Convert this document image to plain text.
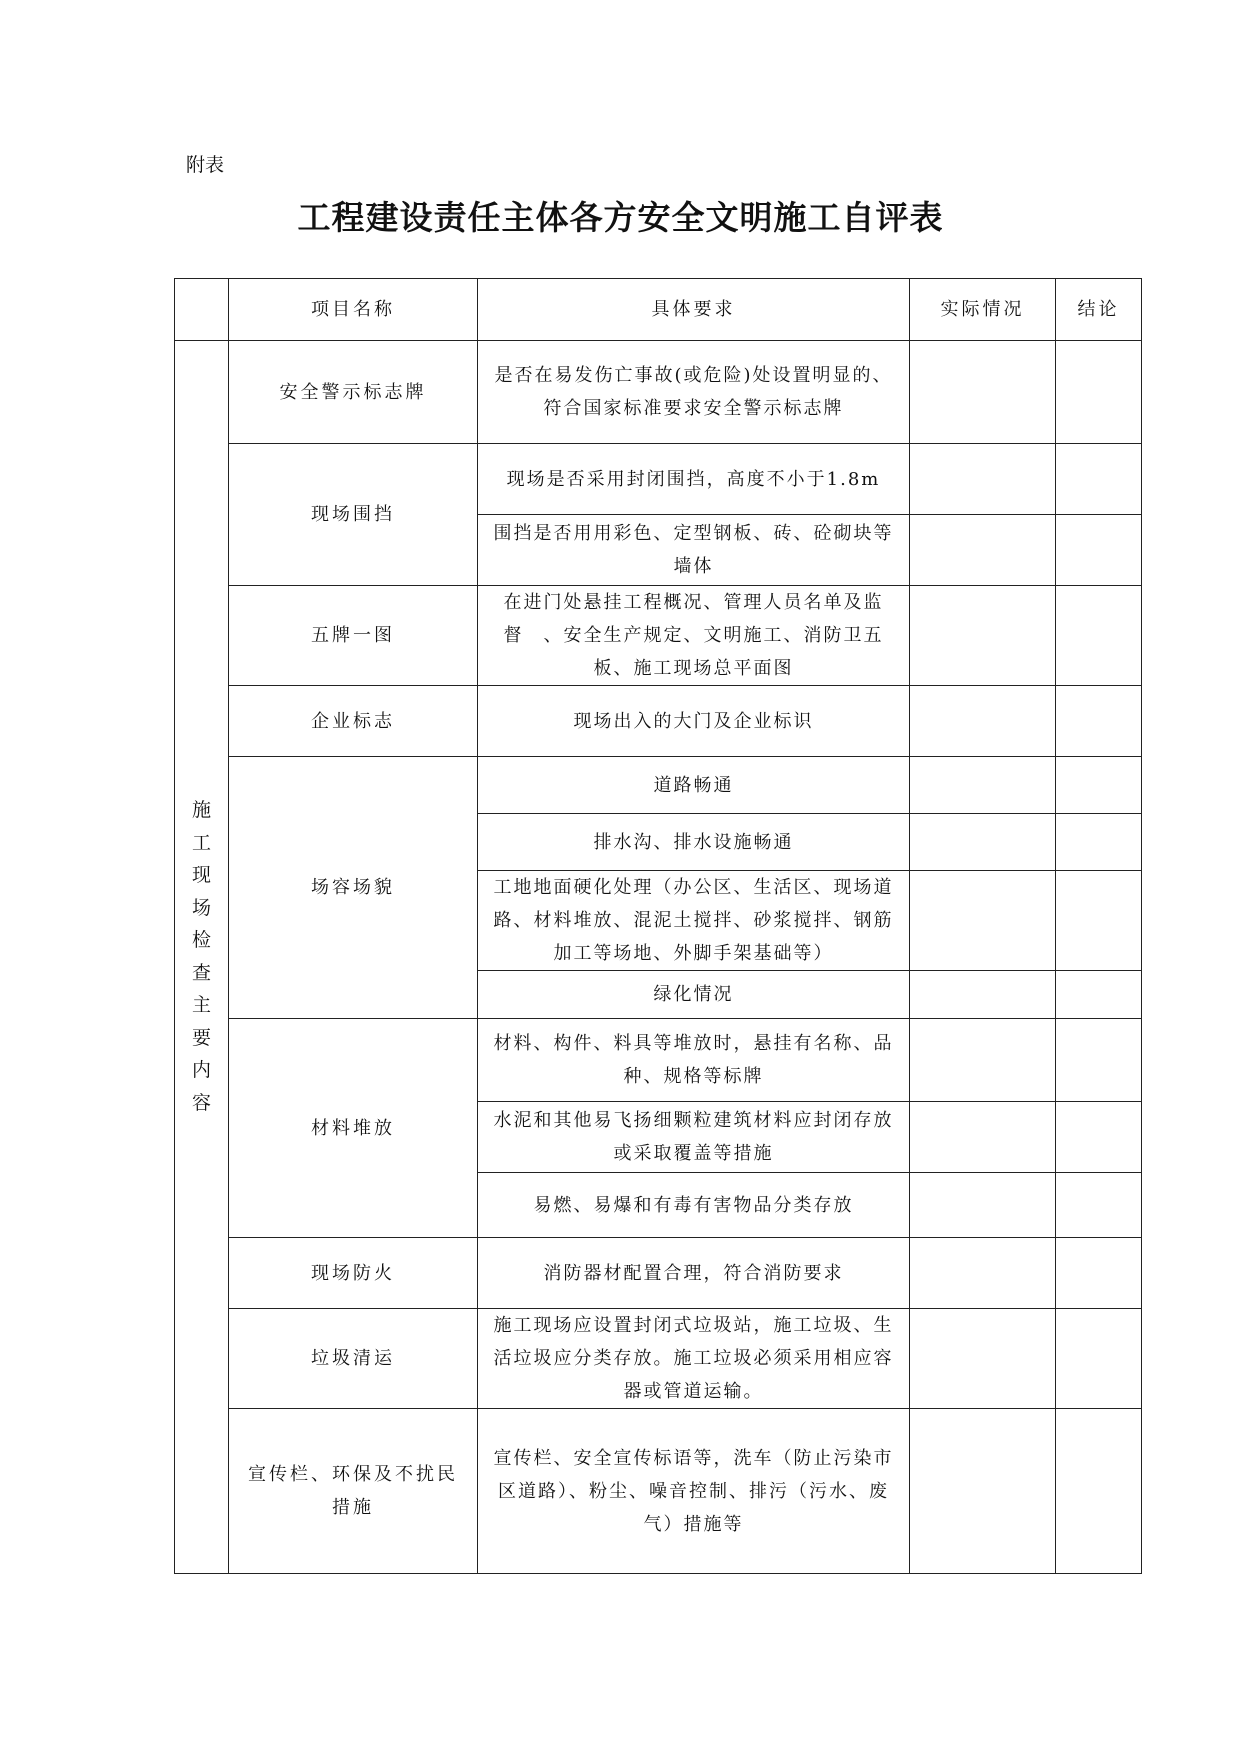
附表
工程建设责任主体各方安全文明施工自评表
	项目名称	具体要求	实际情况	结论
施工现场检查主要内容	安全警示标志牌	是否在易发伤亡事故(或危险)处设置明显的、符合国家标准要求安全警示标志牌		
	现场围挡	现场是否采用封闭围挡，高度不小于1.8m		
		围挡是否用用彩色、定型钢板、砖、砼砌块等墙体		
	五牌一图	在进门处悬挂工程概况、管理人员名单及监督　、安全生产规定、文明施工、消防卫五板、施工现场总平面图		
	企业标志	现场出入的大门及企业标识		
	场容场貌	道路畅通		
		排水沟、排水设施畅通		
		工地地面硬化处理（办公区、生活区、现场道路、材料堆放、混泥土搅拌、砂浆搅拌、钢筋加工等场地、外脚手架基础等）		
		绿化情况		
	材料堆放	材料、构件、料具等堆放时，悬挂有名称、品种、规格等标牌		
		水泥和其他易飞扬细颗粒建筑材料应封闭存放或采取覆盖等措施		
		易燃、易爆和有毒有害物品分类存放		
	现场防火	消防器材配置合理，符合消防要求		
	垃圾清运	施工现场应设置封闭式垃圾站，施工垃圾、生活垃圾应分类存放。施工垃圾必须采用相应容器或管道运输。		
	宣传栏、环保及不扰民措施	宣传栏、安全宣传标语等，洗车（防止污染市区道路）、粉尘、噪音控制、排污（污水、废气）措施等		
